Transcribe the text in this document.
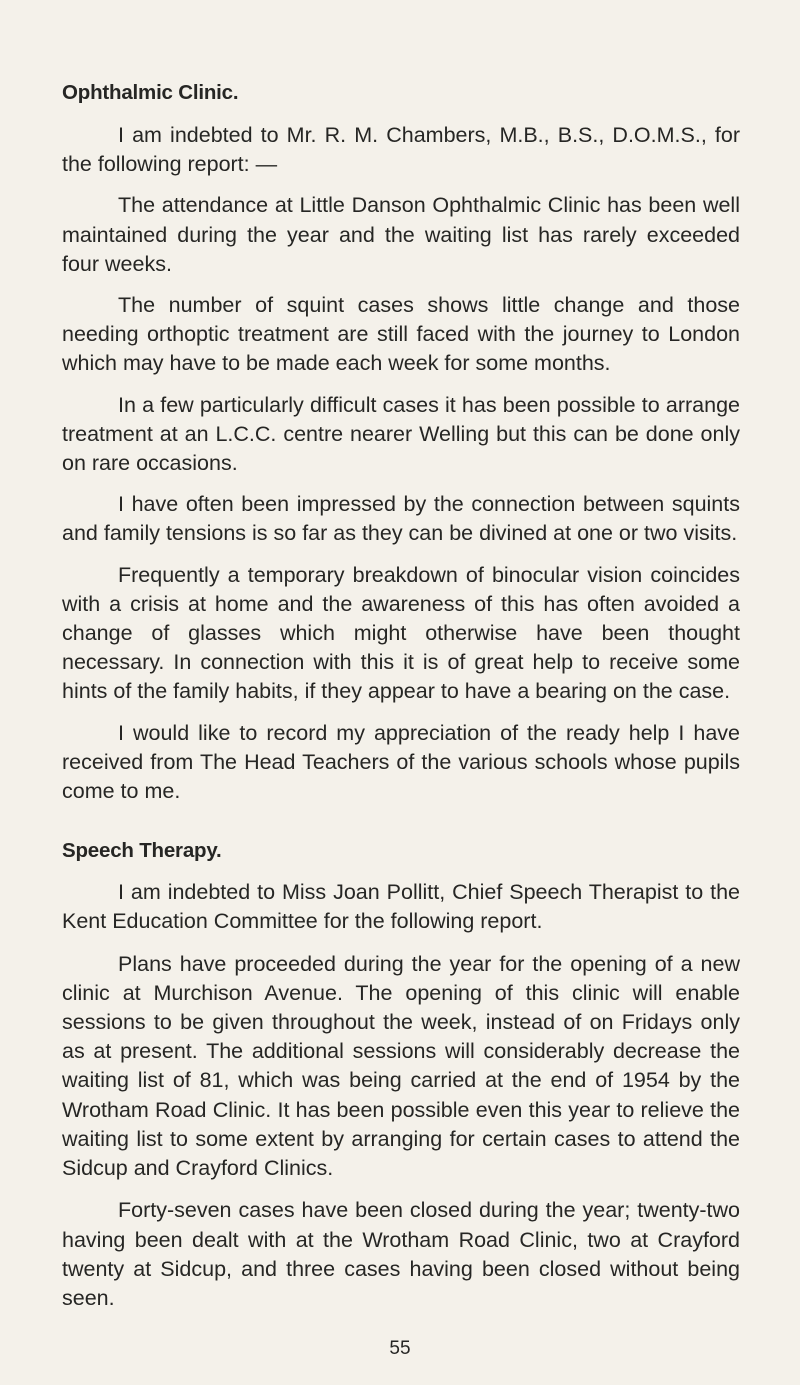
Ophthalmic Clinic.

I am indebted to Mr. R. M. Chambers, M.B., B.S., D.O.M.S., for the following report: —

The attendance at Little Danson Ophthalmic Clinic has been well maintained during the year and the waiting list has rarely exceeded four weeks.

The number of squint cases shows little change and those needing orthoptic treatment are still faced with the journey to London which may have to be made each week for some months.

In a few particularly difficult cases it has been possible to arrange treatment at an L.C.C. centre nearer Welling but this can be done only on rare occasions.

I have often been impressed by the connection between squints and family tensions is so far as they can be divined at one or two visits.

Frequently a temporary breakdown of binocular vision coincides with a crisis at home and the awareness of this has often avoided a change of glasses which might otherwise have been thought necessary. In connection with this it is of great help to receive some hints of the family habits, if they appear to have a bearing on the case.

I would like to record my appreciation of the ready help I have received from The Head Teachers of the various schools whose pupils come to me.

Speech Therapy.

I am indebted to Miss Joan Pollitt, Chief Speech Therapist to the Kent Education Committee for the following report.

Plans have proceeded during the year for the opening of a new clinic at Murchison Avenue. The opening of this clinic will enable sessions to be given throughout the week, instead of on Fridays only as at present. The additional sessions will considerably decrease the waiting list of 81, which was being carried at the end of 1954 by the Wrotham Road Clinic. It has been possible even this year to relieve the waiting list to some extent by arranging for certain cases to attend the Sidcup and Crayford Clinics.

Forty-seven cases have been closed during the year; twenty-two having been dealt with at the Wrotham Road Clinic, two at Crayford twenty at Sidcup, and three cases having been closed without being seen.

55
